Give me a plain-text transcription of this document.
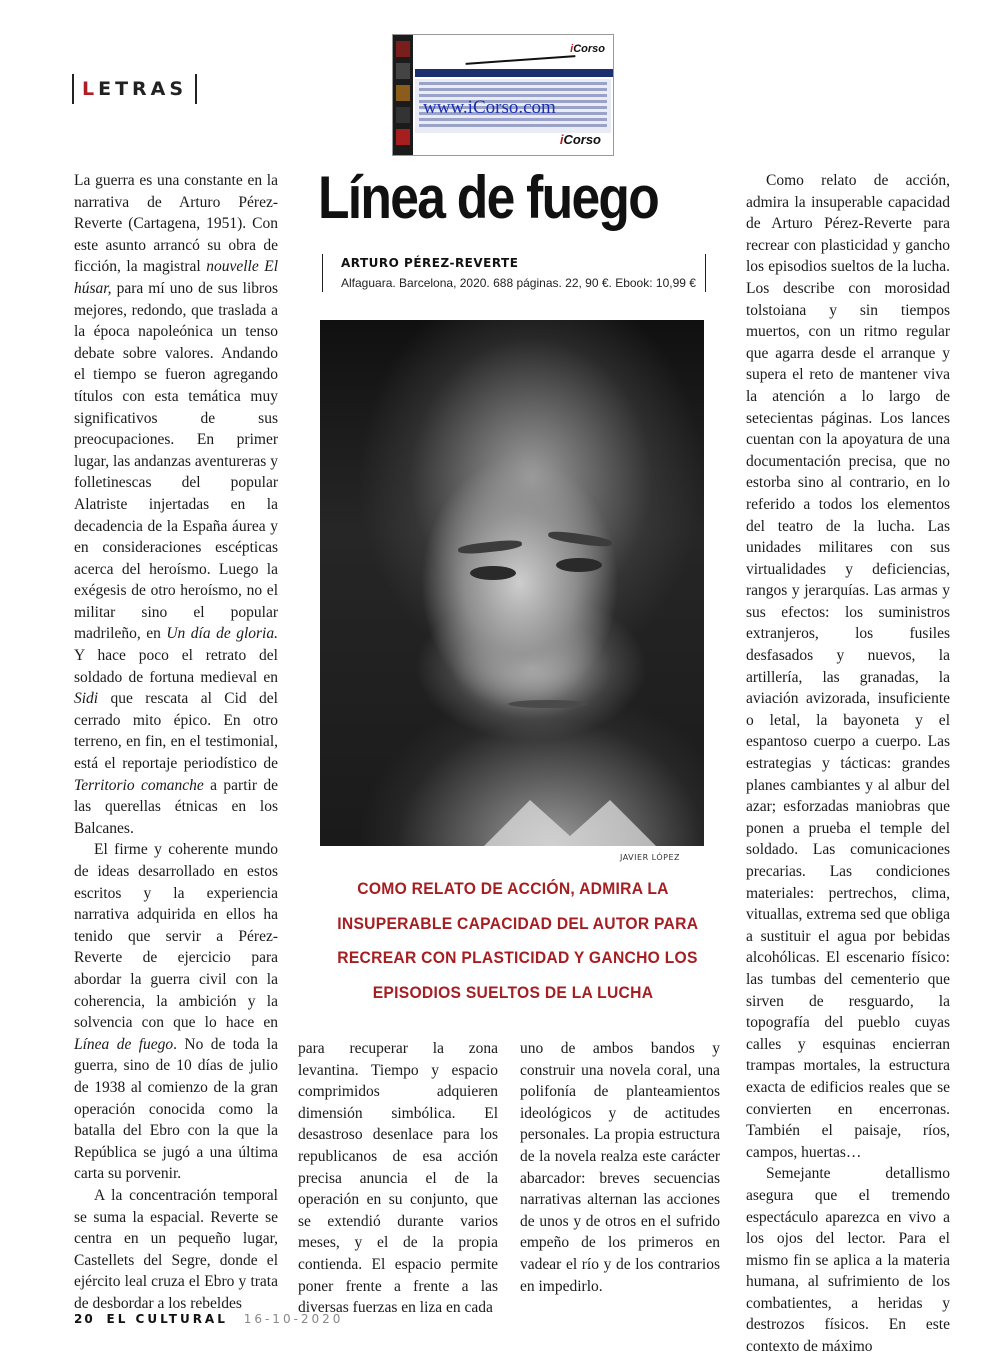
LETRAS
iCorso
www.iCorso.com
iCorso
Línea de fuego
ARTURO PÉREZ-REVERTE
Alfaguara. Barcelona, 2020. 688 páginas. 22, 90 €. Ebook: 10,99 €
JAVIER LÓPEZ
COMO RELATO DE ACCIÓN, ADMIRA LA
INSUPERABLE CAPACIDAD DEL AUTOR PARA
RECREAR CON PLASTICIDAD Y GANCHO LOS
EPISODIOS SUELTOS DE LA LUCHA

La guerra es una constante en la narrativa de Arturo Pérez-Reverte (Cartagena, 1951). Con este asunto arrancó su obra de ficción, la magistral nouvelle El húsar, para mí uno de sus libros mejores, redondo, que traslada a la época napoleónica un tenso debate sobre valores. Andando el tiempo se fueron agregando títulos con esta temática muy significativos de sus preocupaciones. En primer lugar, las andanzas aventureras y folletinescas del popular Alatriste injertadas en la decadencia de la España áurea y en consideraciones escépticas acerca del heroísmo. Luego la exégesis de otro heroísmo, no el militar sino el popular madrileño, en Un día de gloria. Y hace poco el retrato del soldado de fortuna medieval en Sidi que rescata al Cid del cerrado mito épico. En otro terreno, en fin, en el testimonial, está el reportaje periodístico de Territorio comanche a partir de las querellas étnicas en los Balcanes.

El firme y coherente mundo de ideas desarrollado en estos escritos y la experiencia narrativa adquirida en ellos ha tenido que servir a Pérez-Reverte de ejercicio para abordar la guerra civil con la coherencia, la ambición y la solvencia con que lo hace en Línea de fuego. No de toda la guerra, sino de 10 días de julio de 1938 al comienzo de la gran operación conocida como la batalla del Ebro con la que la República se jugó a una última carta su porvenir.

A la concentración temporal se suma la espacial. Reverte se centra en un pequeño lugar, Castellets del Segre, donde el ejército leal cruza el Ebro y trata de desbordar a los rebeldes

para recuperar la zona levantina. Tiempo y espacio comprimidos adquieren dimensión simbólica. El desastroso desenlace para los republicanos de esa acción precisa anuncia el de la operación en su conjunto, que se extendió durante varios meses, y el de la propia contienda. El espacio permite poner frente a frente a las diversas fuerzas en liza en cada

uno de ambos bandos y construir una novela coral, una polifonía de planteamientos ideológicos y de actitudes personales. La propia estructura de la novela realza este carácter abarcador: breves secuencias narrativas alternan las acciones de unos y de otros en el sufrido empeño de los primeros en vadear el río y de los contrarios en impedirlo.

Como relato de acción, admira la insuperable capacidad de Arturo Pérez-Reverte para recrear con plasticidad y gancho los episodios sueltos de la lucha. Los describe con morosidad tolstoiana y sin tiempos muertos, con un ritmo regular que agarra desde el arranque y supera el reto de mantener viva la atención a lo largo de setecientas páginas. Los lances cuentan con la apoyatura de una documentación precisa, que no estorba sino al contrario, en lo referido a todos los elementos del teatro de la lucha. Las unidades militares con sus virtualidades y deficiencias, rangos y jerarquías. Las armas y sus efectos: los suministros extranjeros, los fusiles desfasados y nuevos, la artillería, las granadas, la aviación avizorada, insuficiente o letal, la bayoneta y el espantoso cuerpo a cuerpo. Las estrategias y tácticas: grandes planes cambiantes y al albur del azar; esforzadas maniobras que ponen a prueba el temple del soldado. Las comunicaciones precarias. Las condiciones materiales: pertrechos, clima, vituallas, extrema sed que obliga a sustituir el agua por bebidas alcohólicas. El escenario físico: las tumbas del cementerio que sirven de resguardo, la topografía del pueblo cuyas calles y esquinas encierran trampas mortales, la estructura exacta de edificios reales que se convierten en encerronas. También el paisaje, ríos, campos, huertas…

Semejante detallismo asegura que el tremendo espectáculo aparezca en vivo a los ojos del lector. Para el mismo fin se aplica a la materia humana, al sufrimiento de los combatientes, a heridas y destrozos físicos. En este contexto de máximo

20 EL CULTURAL 16-10-2020
